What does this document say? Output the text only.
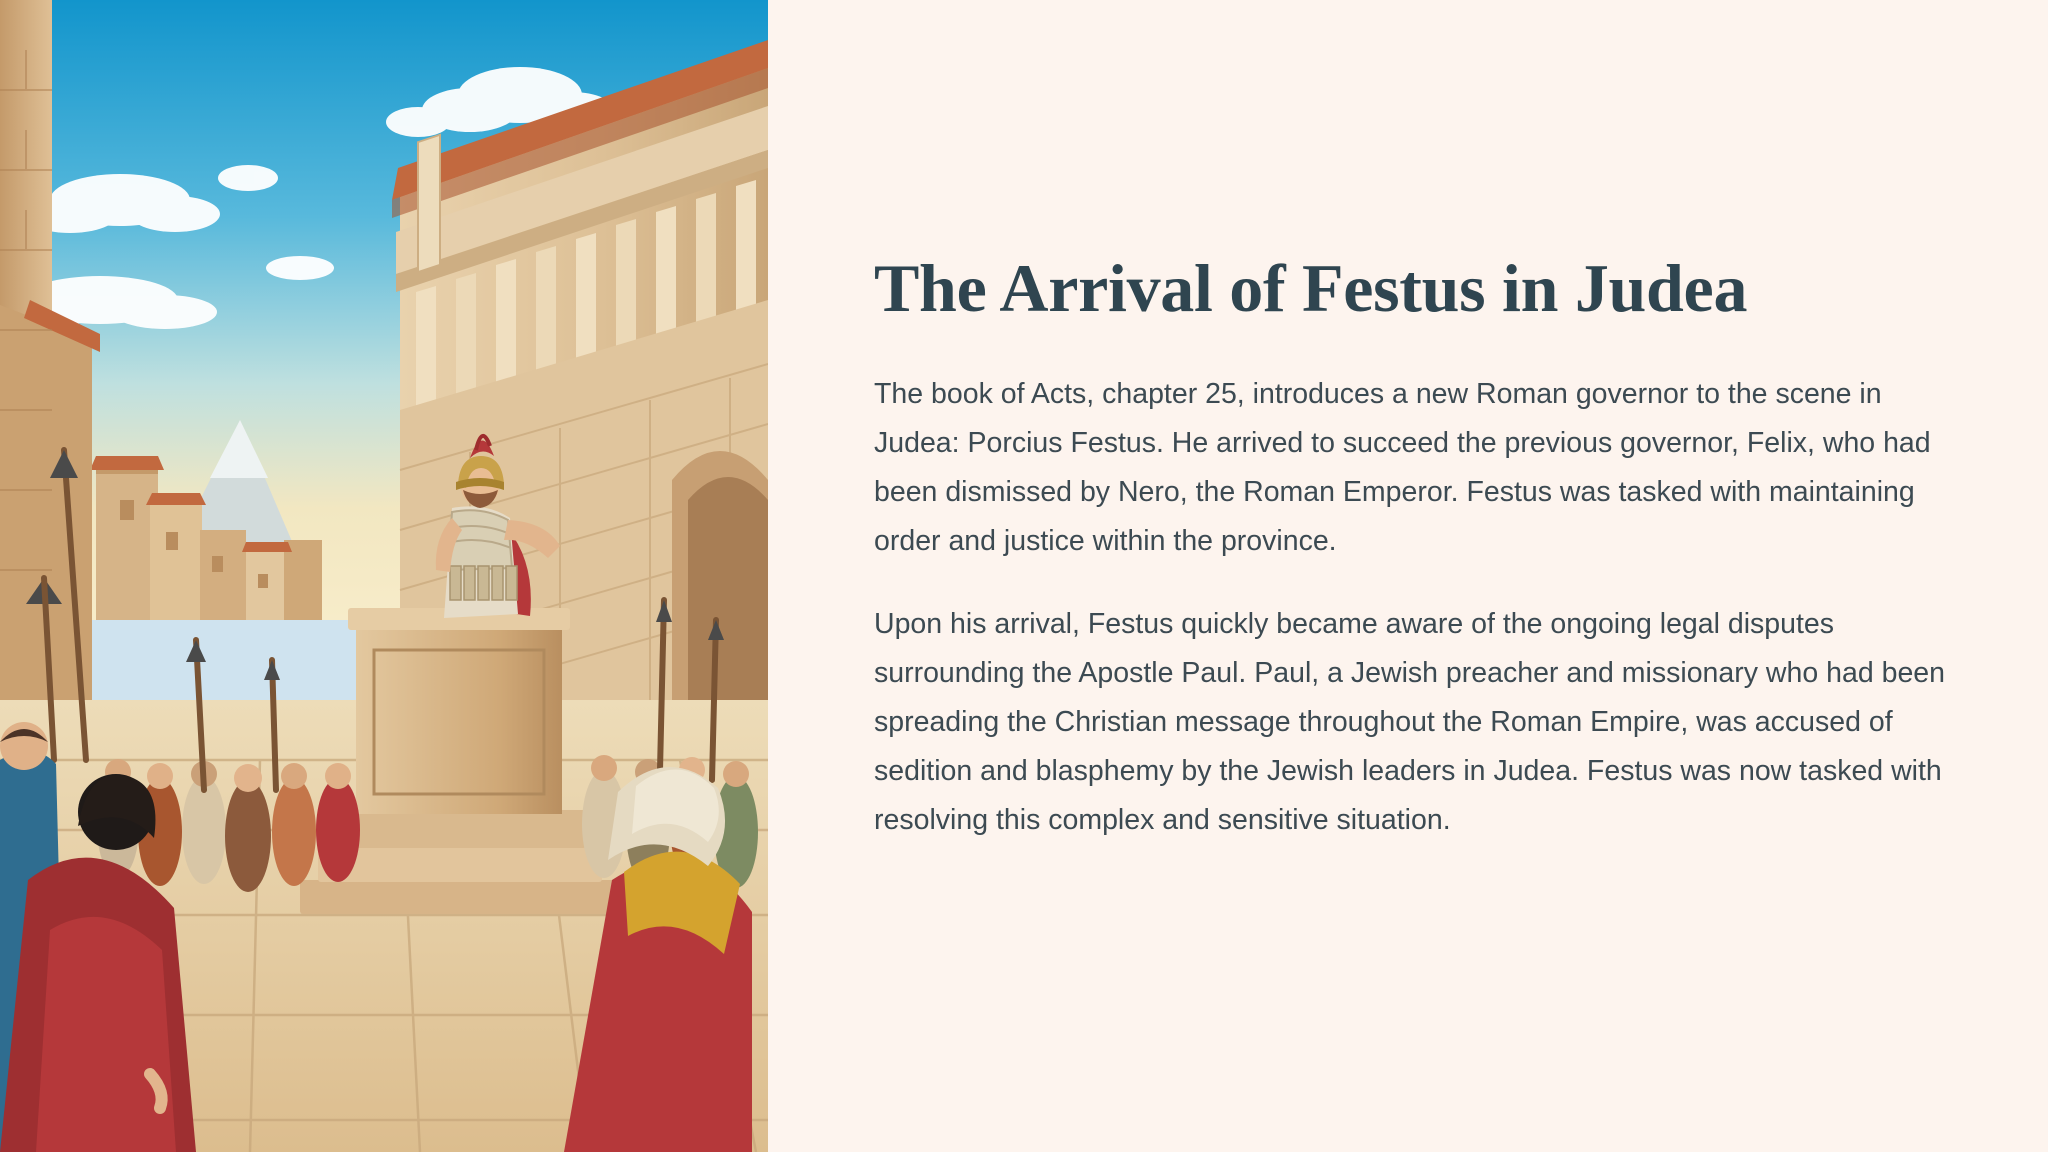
The Arrival of Festus in Judea

The book of Acts, chapter 25, introduces a new Roman governor to the scene in Judea: Porcius Festus. He arrived to succeed the previous governor, Felix, who had been dismissed by Nero, the Roman Emperor. Festus was tasked with maintaining order and justice within the province.

Upon his arrival, Festus quickly became aware of the ongoing legal disputes surrounding the Apostle Paul. Paul, a Jewish preacher and missionary who had been spreading the Christian message throughout the Roman Empire, was accused of sedition and blasphemy by the Jewish leaders in Judea. Festus was now tasked with resolving this complex and sensitive situation.
